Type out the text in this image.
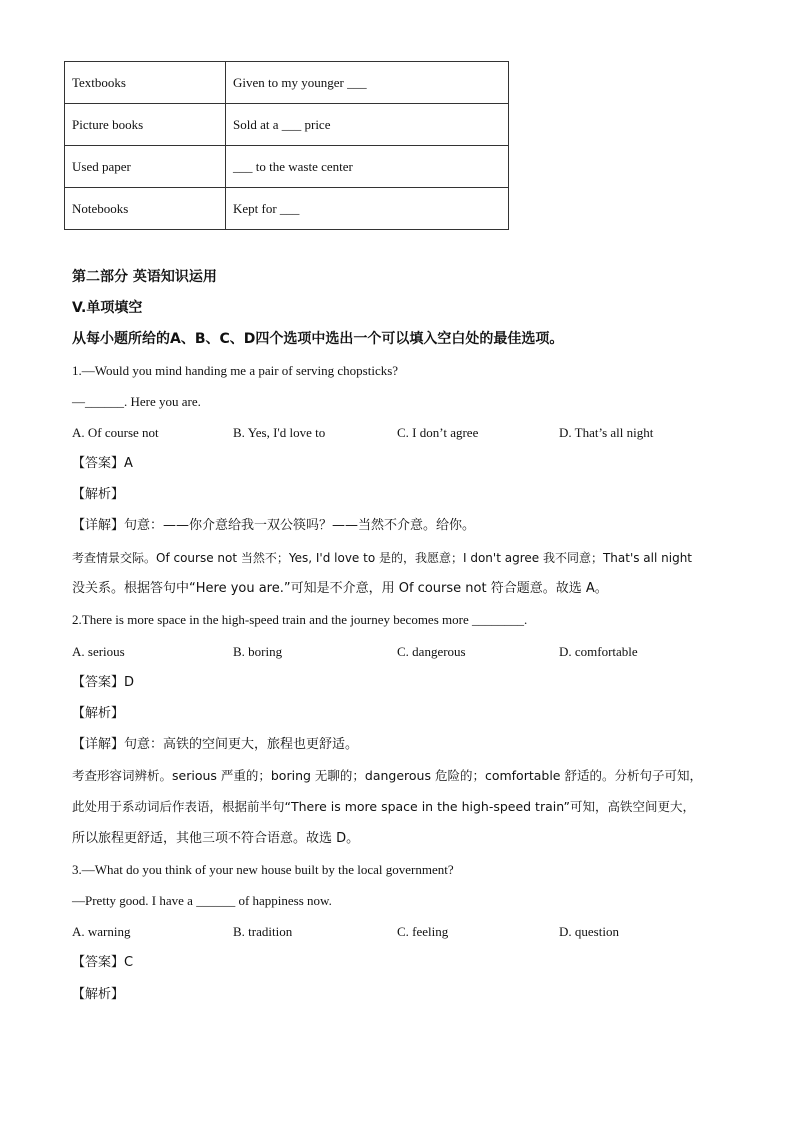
Textbooks	Given to my younger ___
Picture books	Sold at a ___ price
Used paper	___ to the waste center
Notebooks	Kept for ___
第二部分 英语知识运用
V.单项填空
从每小题所给的A、B、C、D四个选项中选出一个可以填入空白处的最佳选项。
1.—Would you mind handing me a pair of serving chopsticks?
—______. Here you are.
A. Of course not	B. Yes, I'd love to	C. I don’t agree	D. That’s all night
【答案】A
【解析】
【详解】句意：——你介意给我一双公筷吗？——当然不介意。给你。
考查情景交际。Of course not 当然不；Yes, I'd love to 是的，我愿意；I don't agree 我不同意；That's all night
没关系。根据答句中“Here you are.”可知是不介意，用 Of course not 符合题意。故选 A。
2.There is more space in the high-speed train and the journey becomes more ________.
A. serious	B. boring	C. dangerous	D. comfortable
【答案】D
【解析】
【详解】句意：高铁的空间更大，旅程也更舒适。
考查形容词辨析。serious 严重的；boring 无聊的；dangerous 危险的；comfortable 舒适的。分析句子可知，
此处用于系动词后作表语，根据前半句“There is more space in the high-speed train”可知，高铁空间更大，
所以旅程更舒适，其他三项不符合语意。故选 D。
3.—What do you think of your new house built by the local government?
—Pretty good. I have a ______ of happiness now.
A. warning	B. tradition	C. feeling	D. question
【答案】C
【解析】
